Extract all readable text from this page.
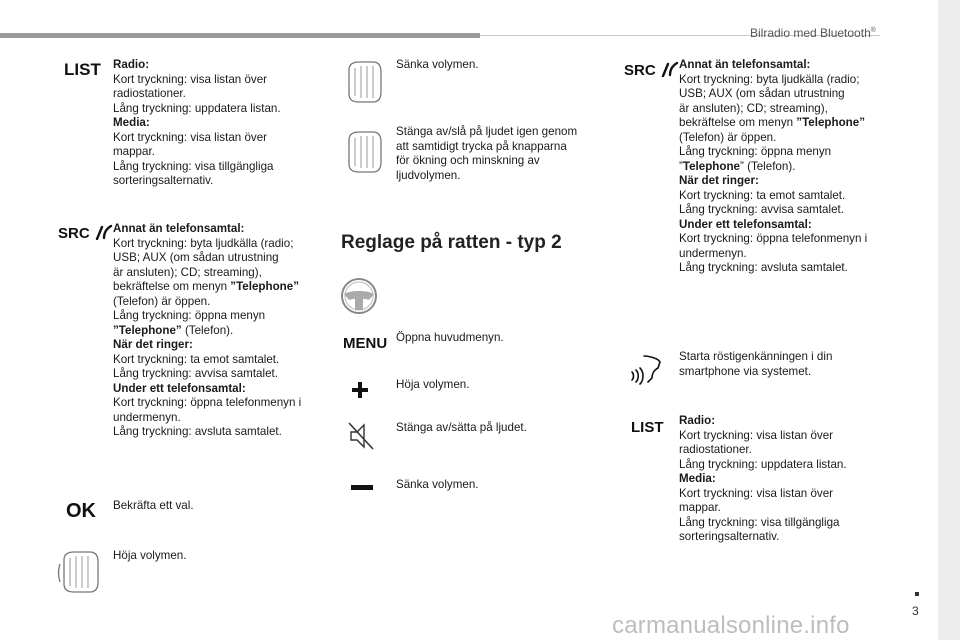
Bilradio med Bluetooth®
3
LIST Radio:
Kort tryckning: visa listan över
radiostationer.
Lång tryckning: uppdatera listan.
Media:
Kort tryckning: visa listan över
mappar.
Lång tryckning: visa tillgängliga
sorteringsalternativ.
SRC	Annat än telefonsamtal:
Kort tryckning: byta ljudkälla (radio;
USB; AUX (om sådan utrustning
är ansluten); CD; streaming),
bekräftelse om menyn ”Telephone”
(Telefon) är öppen.
Lång tryckning: öppna menyn
”Telephone” (Telefon).
När det ringer:
Kort tryckning: ta emot samtalet.
Lång tryckning: avvisa samtalet.
Under ett telefonsamtal:
Kort tryckning: öppna telefonmenyn i
undermenyn.
Lång tryckning: avsluta samtalet.
OK Bekräfta ett val.
Höja volymen.
Sänka volymen.
Stänga av/slå på ljudet igen genom
att samtidigt trycka på knapparna
för ökning och minskning av
ljudvolymen.
Reglage på ratten - typ 2
MENU Öppna huvudmenyn.
Höja volymen.
Stänga av/sätta på ljudet.
Sänka volymen.
SRC	Annat än telefonsamtal:
Kort tryckning: byta ljudkälla (radio;
USB; AUX (om sådan utrustning
är ansluten); CD; streaming),
bekräftelse om menyn ”Telephone”
(Telefon) är öppen.
Lång tryckning: öppna menyn
”Telephone” (Telefon).
När det ringer:
Kort tryckning: ta emot samtalet.
Lång tryckning: avvisa samtalet.
Under ett telefonsamtal:
Kort tryckning: öppna telefonmenyn i
undermenyn.
Lång tryckning: avsluta samtalet.
Starta röstigenkänningen i din
smartphone via systemet.
LIST Radio:
Kort tryckning: visa listan över
radiostationer.
Lång tryckning: uppdatera listan.
Media:
Kort tryckning: visa listan över
mappar.
Lång tryckning: visa tillgängliga
sorteringsalternativ.
carmanualsonline.info
